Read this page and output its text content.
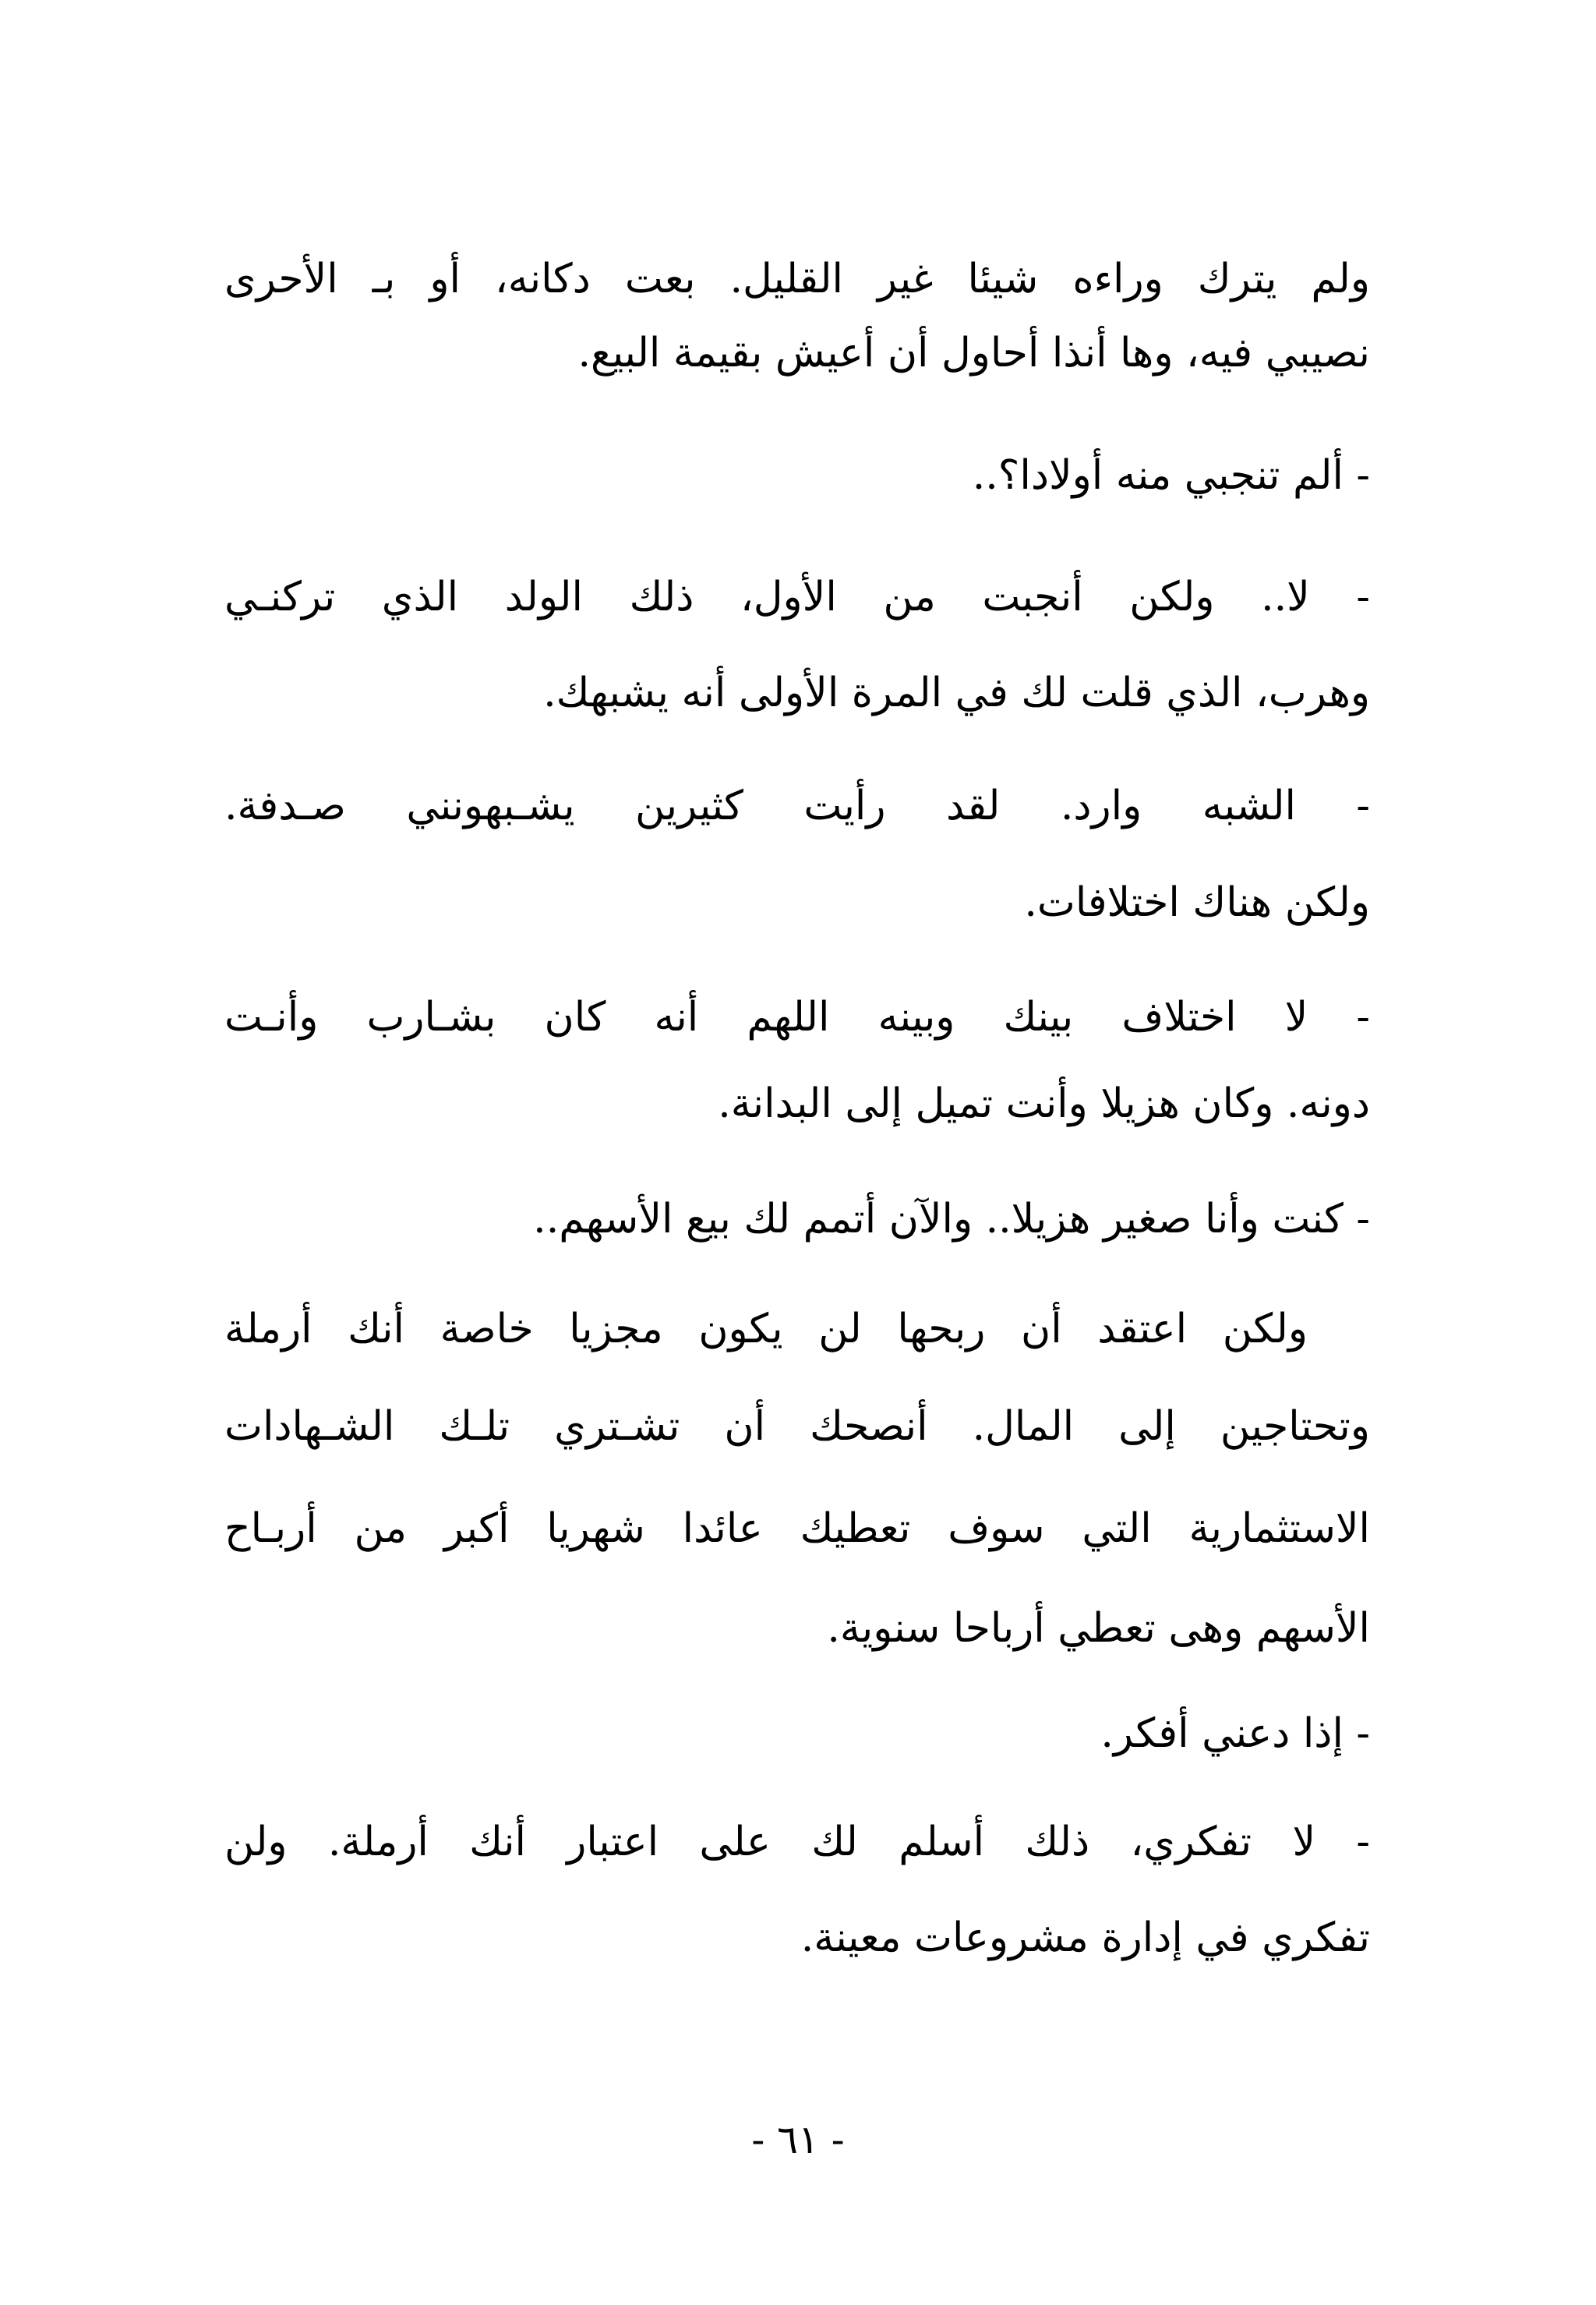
ولم يترك وراءه شيئا غير القليل. بعت دكانه، أو بـ الأحرى
نصيبي فيه، وها أنذا أحاول أن أعيش بقيمة البيع.
- ألم تنجبي منه أولادا؟..
- لا.. ولكن أنجبت من الأول، ذلك الولد الذي تركنـي
وهرب، الذي قلت لك في المرة الأولى أنه يشبهك.
- الشبه وارد. لقد رأيت كثيرين يشـبهونني صـدفة.
ولكن هناك اختلافات.
- لا اختلاف بينك وبينه اللهم أنه كان بشـارب وأنـت
دونه. وكان هزيلا وأنت تميل إلى البدانة.
- كنت وأنا صغير هزيلا.. والآن أتمم لك بيع الأسهم..
ولكن اعتقد أن ربحها لن يكون مجزيا خاصة أنك أرملة
وتحتاجين إلى المال. أنصحك أن تشـتري تلـك الشـهادات
الاستثمارية التي سوف تعطيك عائدا شهريا أكبر من أربـاح
الأسهم وهى تعطي أرباحا سنوية.
- إذا دعني أفكر.
- لا تفكري، ذلك أسلم لك على اعتبار أنك أرملة. ولن
تفكري في إدارة مشروعات معينة.
- ٦١ -
